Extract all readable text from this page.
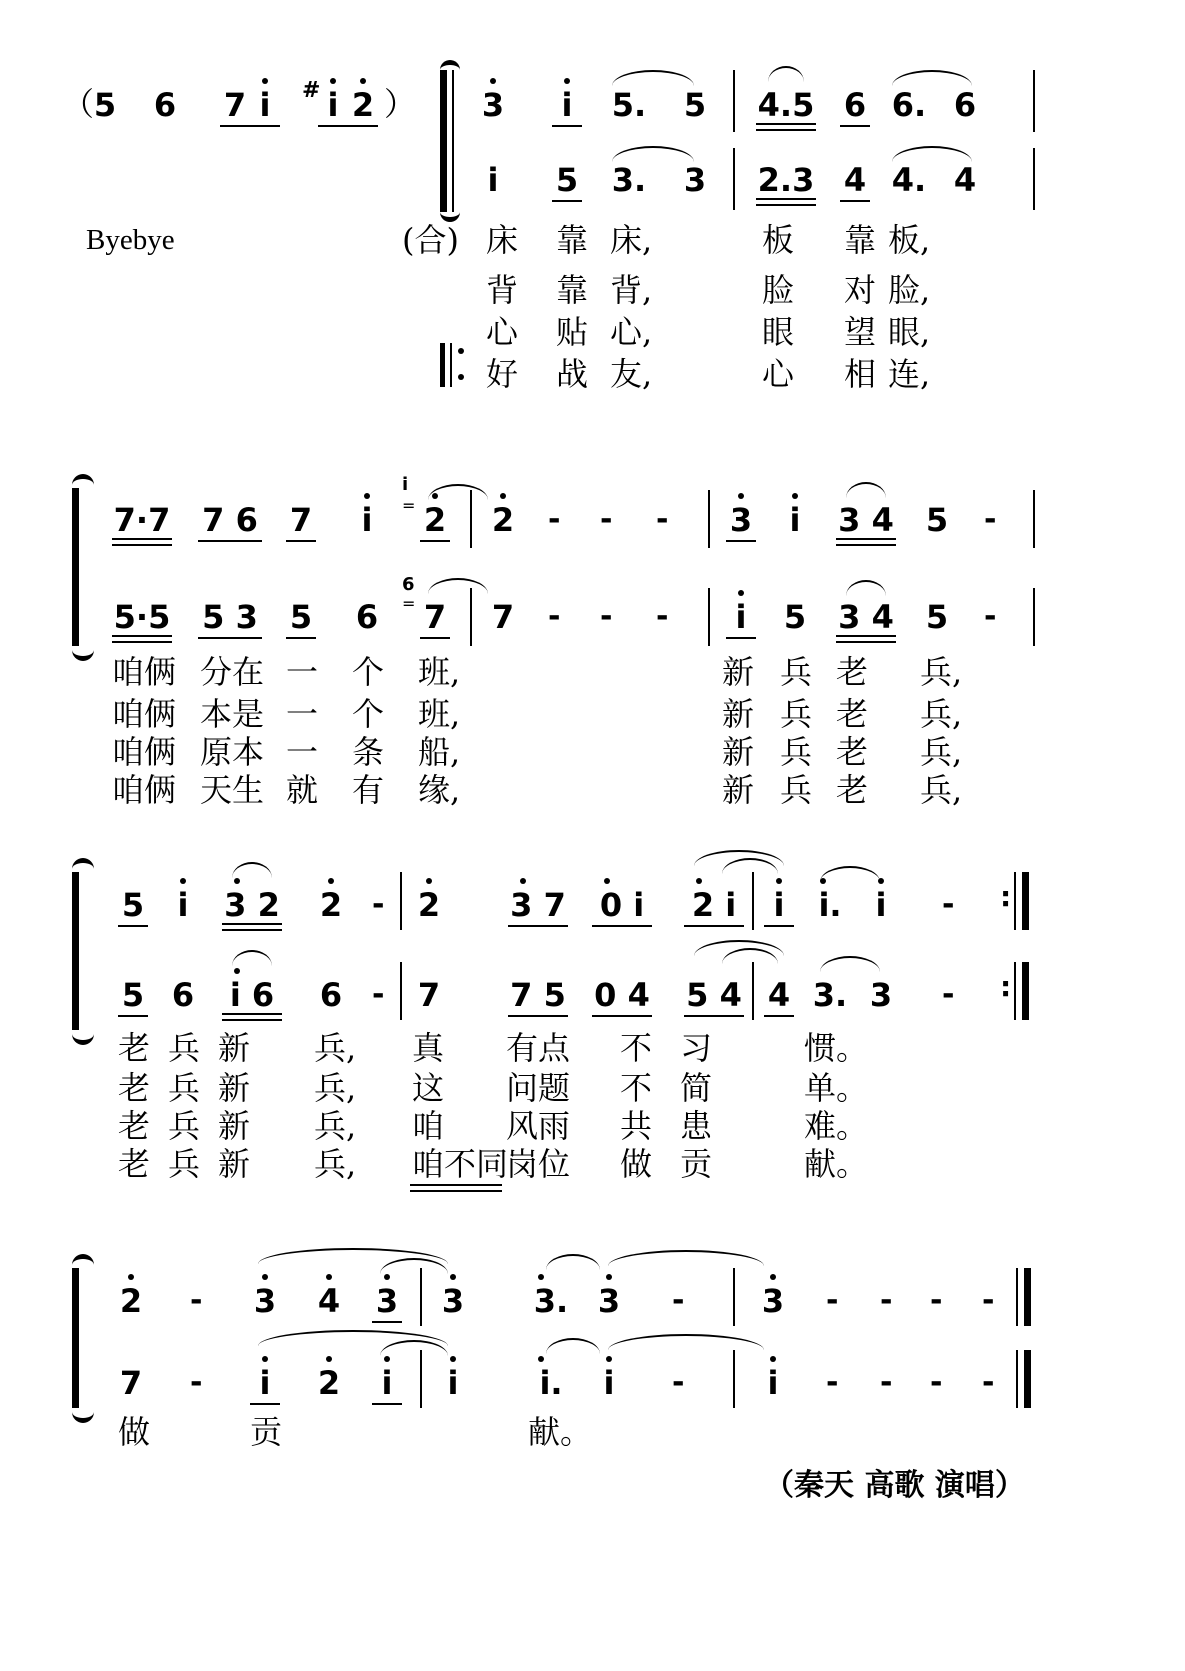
（ 5 6 7 i	# i 2 ） 3 i 5. 5 4.5 6 6. 6
i 5 3. 3 2.3 4 4. 4
Byebye	(合) 床 靠 床,	板 靠 板,
背 靠 背,	脸 对 脸,
心 贴 心,	眼 望 眼,
好 战 友,	心 相 连,
7·7 7 6 7 i
i
= 2 2 - - - 3 i 3 4 5 -
5·5 5 3 5 6
6
= 7 7 - - - i 5 3 4 5 -
咱俩 分在 一 个 班,	新 兵 老 兵,
咱俩 本是 一 个 班,	新 兵 老 兵,
咱俩 原本 一 条 船,	新 兵 老 兵,
咱俩 天生 就 有 缘,	新 兵 老 兵,
5 i 3 2 2 - 2 3 7 0 i 2 i i	i.	i	- :
5 6 i 6 6 - 7 7 5 0 4 5 4 4 3. 3 - :
老 兵 新 兵, 真 有点 不 习	惯。
老 兵 新 兵, 这 问题 不 简	单。
老 兵 新 兵, 咱 风雨 共 患	难。
老 兵 新 兵, 咱不同
岗位 做 贡	献。
2 - 3 4 3 3 3. 3 - 3 - - - -
7 - i 2 i i	i.	i	-	i	- - - -
做	贡	献。
（秦天 高歌 演唱）
